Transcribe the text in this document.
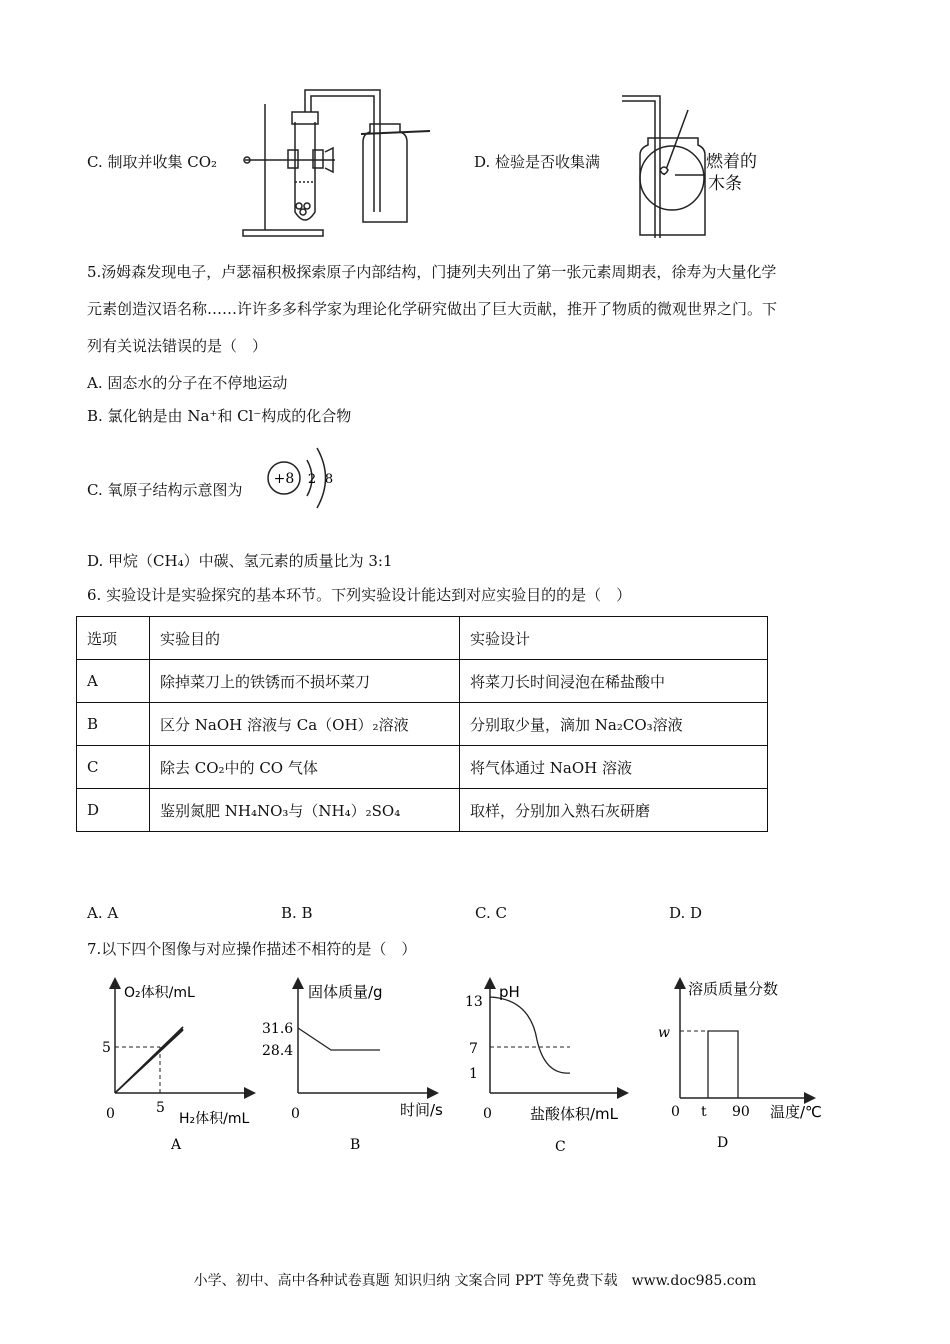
C. 制取并收集 CO₂	D. 检验是否收集满	燃着的
木条
5.汤姆森发现电子，卢瑟福积极探索原子内部结构，门捷列夫列出了第一张元素周期表，徐寿为大量化学
元素创造汉语名称……许许多多科学家为理论化学研究做出了巨大贡献，推开了物质的微观世界之门。下
列有关说法错误的是（　）
A. 固态水的分子在不停地运动
B. 氯化钠是由 Na⁺和 Cl⁻构成的化合物
C. 氧原子结构示意图为
+8 2 8
D. 甲烷（CH₄）中碳、氢元素的质量比为 3:1
6. 实验设计是实验探究的基本环节。下列实验设计能达到对应实验目的的是（　）
选项	实验目的	实验设计
A	除掉菜刀上的铁锈而不损坏菜刀	将菜刀长时间浸泡在稀盐酸中
B	区分 NaOH 溶液与 Ca（OH）₂溶液	分别取少量，滴加 Na₂CO₃溶液
C	除去 CO₂中的 CO 气体	将气体通过 NaOH 溶液
D	鉴别氮肥 NH₄NO₃与（NH₄）₂SO₄	取样，分别加入熟石灰研磨
A. A	B. B	C. C	D. D
7.以下四个图像与对应操作描述不相符的是（　）
5
5
0
O₂体积/mL
H₂体积/mL
A
31.6
28.4
0
固体质量/g
时间/s
B
13
7
1
0
pH
盐酸体积/mL
C
w
t 90
0
溶质质量分数
温度/℃
D
小学、初中、高中各种试卷真题 知识归纳 文案合同 PPT 等免费下载　www.doc985.com
